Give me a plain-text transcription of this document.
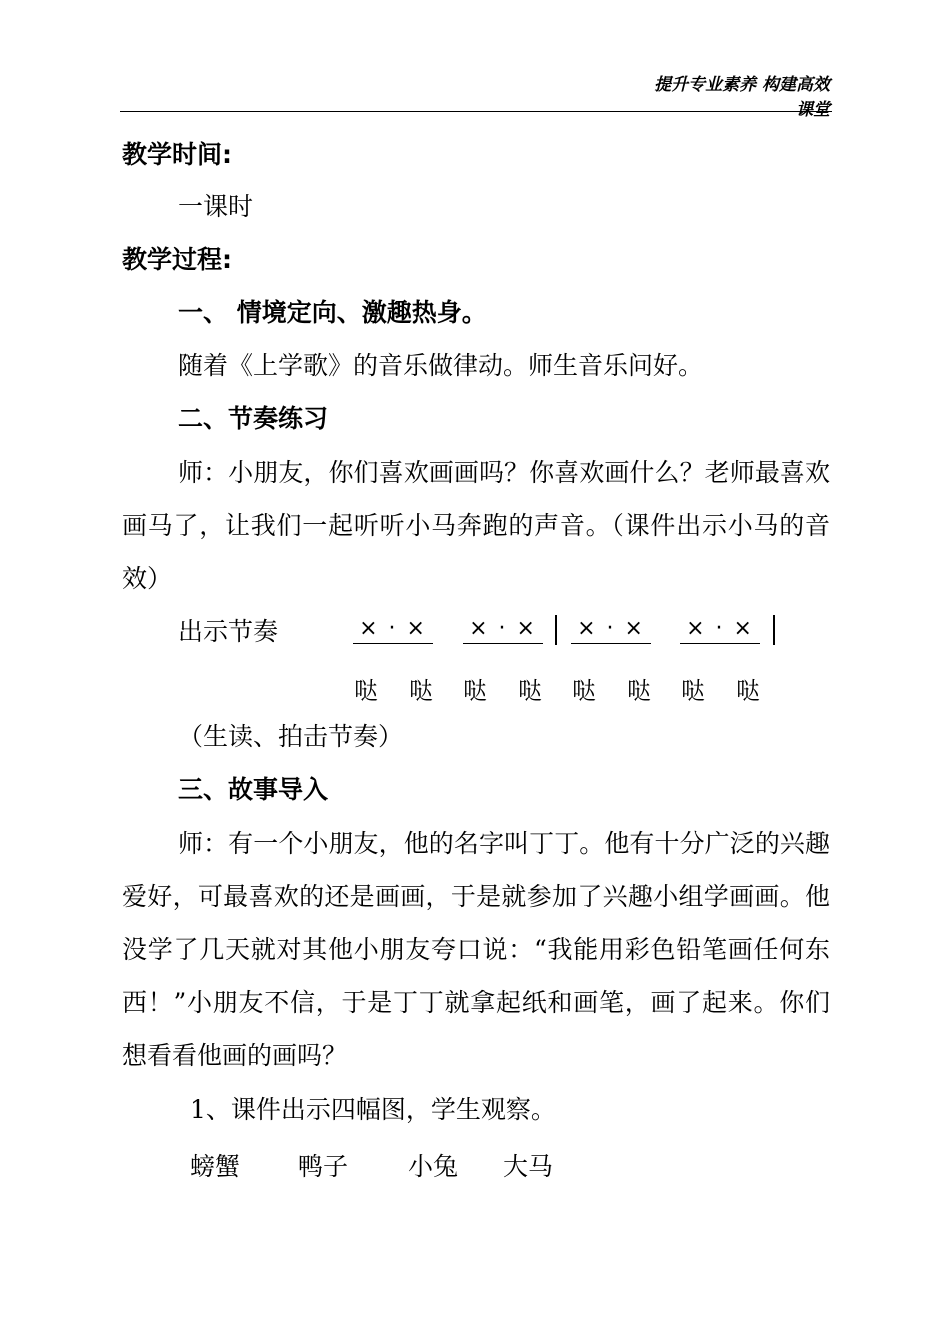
提升专业素养 构建高效课堂
教学时间:
一课时
教学过程:
一、 情境定向、激趣热身。
随着《上学歌》的音乐做律动。师生音乐问好。
二、节奏练习
师：小朋友，你们喜欢画画吗？你喜欢画什么？老师最喜欢画马了，让我们一起听听小马奔跑的声音。（课件出示小马的音效）
出示节奏	× · × × · × × · × × · ×
哒 哒 哒 哒 哒 哒 哒 哒
（生读、拍击节奏）
三、故事导入
师：有一个小朋友，他的名字叫丁丁。他有十分广泛的兴趣爱好，可最喜欢的还是画画，于是就参加了兴趣小组学画画。他没学了几天就对其他小朋友夸口说：“我能用彩色铅笔画任何东西！”小朋友不信，于是丁丁就拿起纸和画笔，画了起来。你们想看看他画的画吗？
1、课件出示四幅图，学生观察。
螃蟹 鸭子 小兔 大马
